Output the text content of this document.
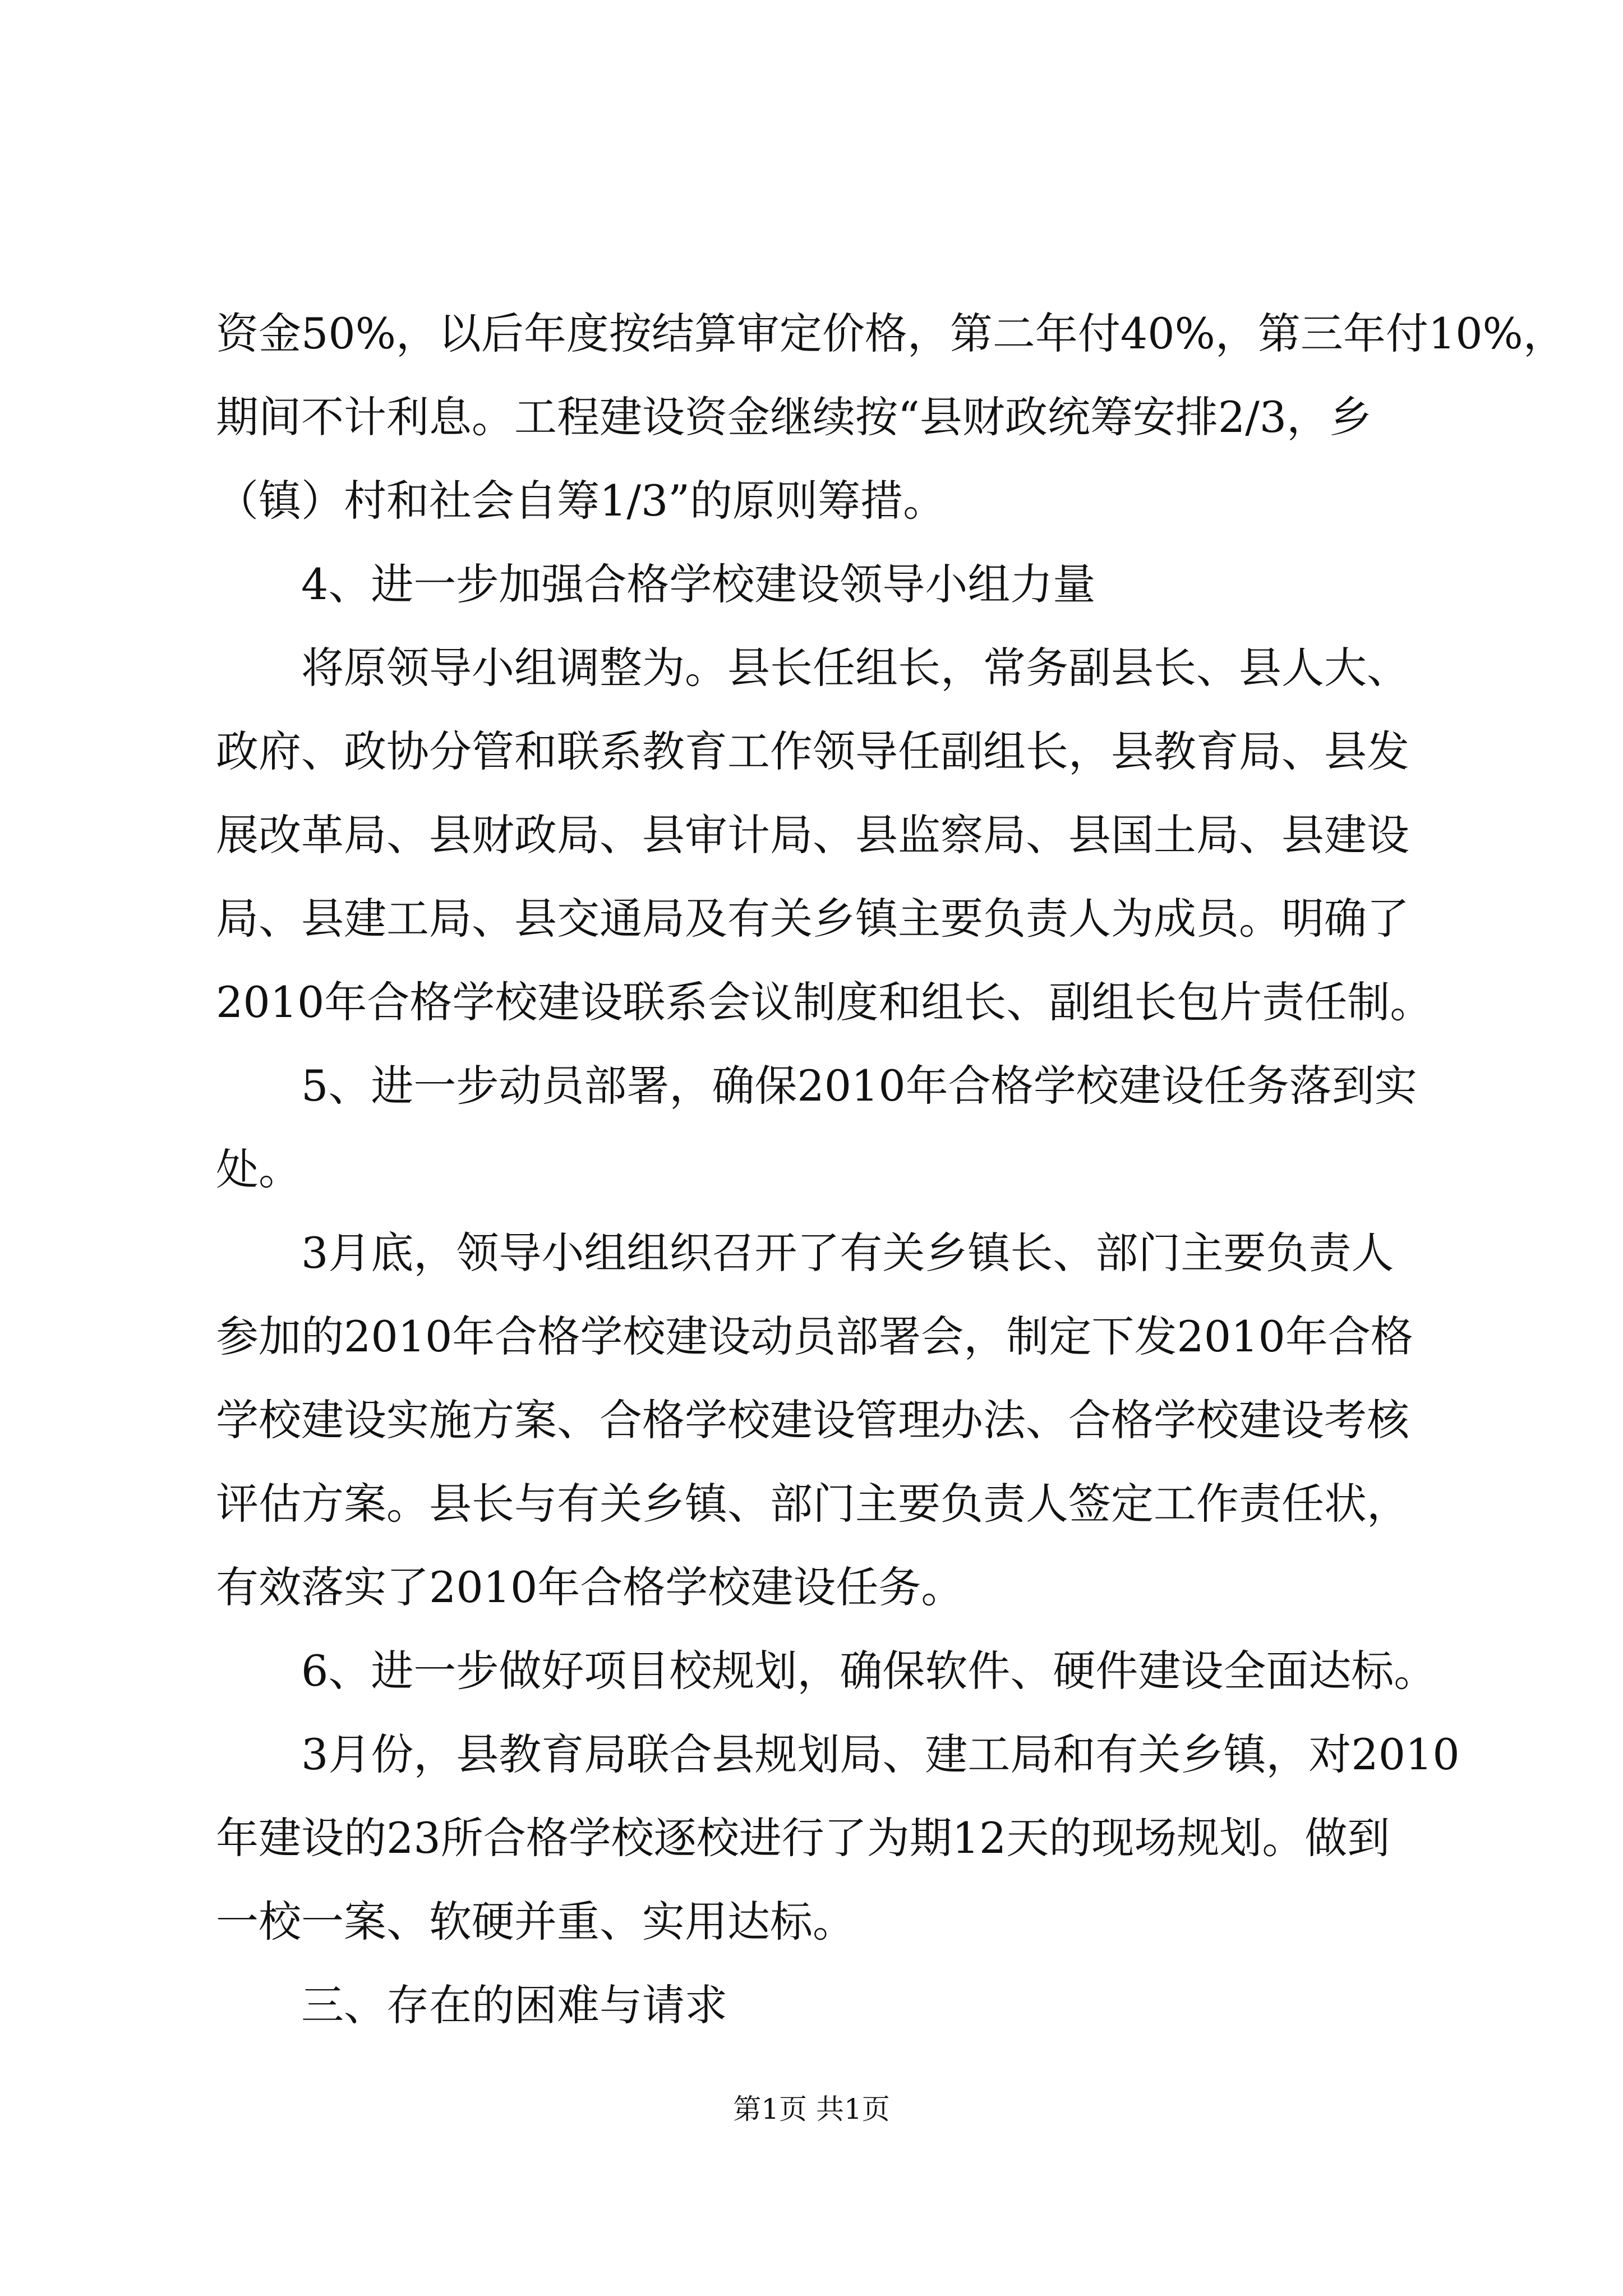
资金50%，以后年度按结算审定价格，第二年付40%，第三年付10%，
期间不计利息。工程建设资金继续按“县财政统筹安排2/3，乡
（镇）村和社会自筹1/3”的原则筹措。
　　4、进一步加强合格学校建设领导小组力量
　　将原领导小组调整为。县长任组长，常务副县长、县人大、
政府、政协分管和联系教育工作领导任副组长，县教育局、县发
展改革局、县财政局、县审计局、县监察局、县国土局、县建设
局、县建工局、县交通局及有关乡镇主要负责人为成员。明确了
2010年合格学校建设联系会议制度和组长、副组长包片责任制。
　　5、进一步动员部署，确保2010年合格学校建设任务落到实
处。
　　3月底，领导小组组织召开了有关乡镇长、部门主要负责人
参加的2010年合格学校建设动员部署会，制定下发2010年合格
学校建设实施方案、合格学校建设管理办法、合格学校建设考核
评估方案。县长与有关乡镇、部门主要负责人签定工作责任状，
有效落实了2010年合格学校建设任务。
　　6、进一步做好项目校规划，确保软件、硬件建设全面达标。
　　3月份，县教育局联合县规划局、建工局和有关乡镇，对2010
年建设的23所合格学校逐校进行了为期12天的现场规划。做到
一校一案、软硬并重、实用达标。
　　三、存在的困难与请求
第1页 共1页
